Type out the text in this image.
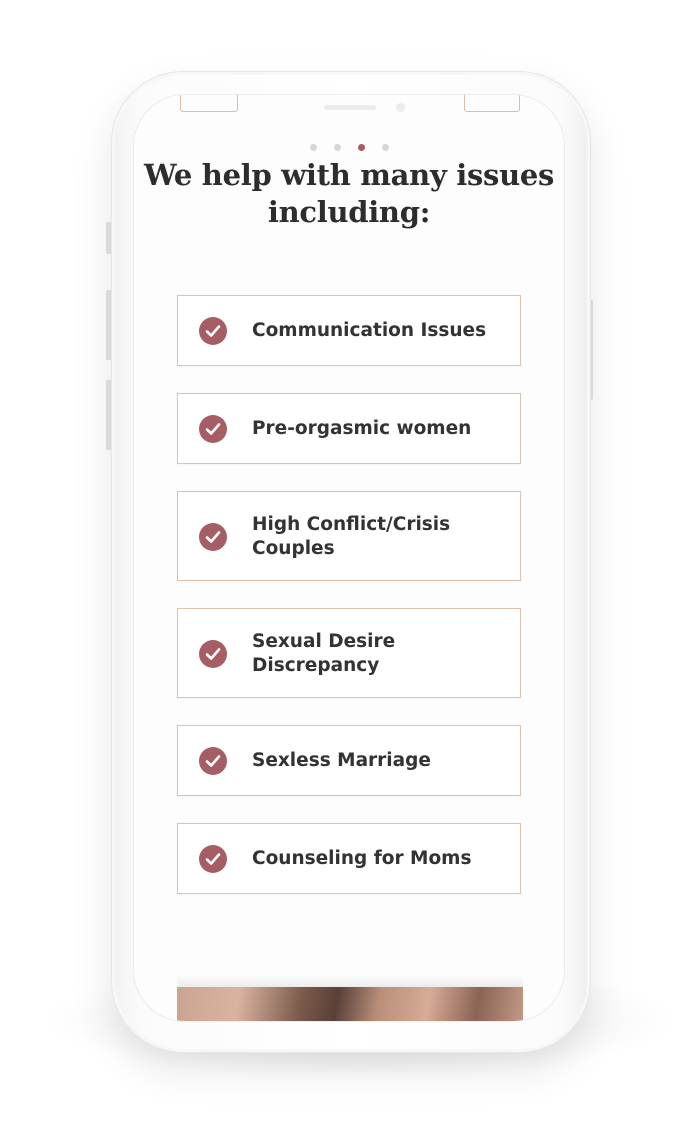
We help with many issues including:
Communication Issues
Pre-orgasmic women
High Conflict/Crisis Couples
Sexual Desire Discrepancy
Sexless Marriage
Counseling for Moms
